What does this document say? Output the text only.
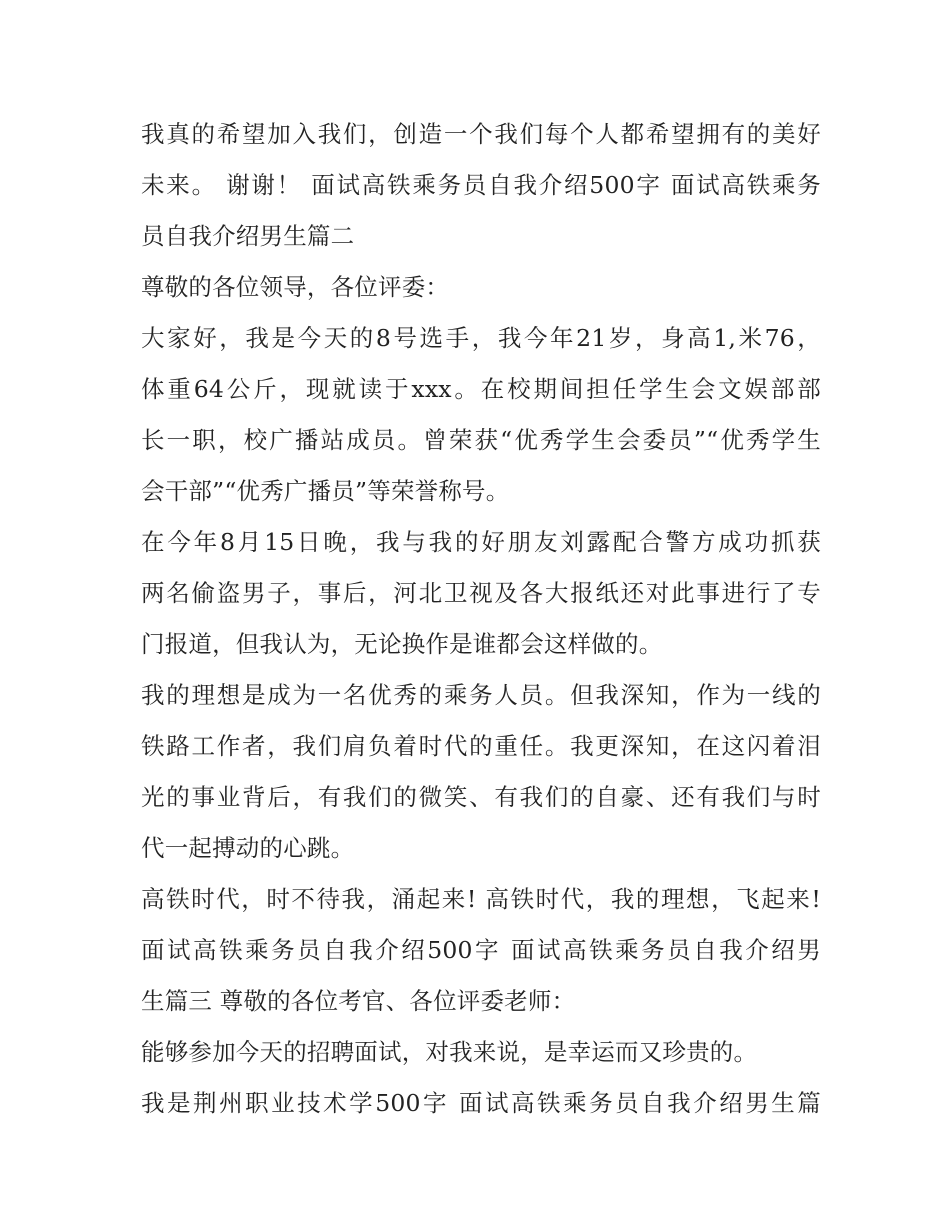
我真的希望加入我们，创造一个我们每个人都希望拥有的美好
未来。 谢谢！ 面试高铁乘务员自我介绍500字 面试高铁乘务
员自我介绍男生篇二
尊敬的各位领导，各位评委：
大家好，我是今天的8号选手，我今年21岁，身高1,米76，
体重64公斤，现就读于xxx。在校期间担任学生会文娱部部
长一职，校广播站成员。曾荣获“优秀学生会委员”“优秀学生
会干部”“优秀广播员”等荣誉称号。
在今年8月15日晚，我与我的好朋友刘露配合警方成功抓获
两名偷盗男子，事后，河北卫视及各大报纸还对此事进行了专
门报道，但我认为，无论换作是谁都会这样做的。
我的理想是成为一名优秀的乘务人员。但我深知，作为一线的
铁路工作者，我们肩负着时代的重任。我更深知，在这闪着泪
光的事业背后，有我们的微笑、有我们的自豪、还有我们与时
代一起搏动的心跳。
高铁时代，时不待我，涌起来! 高铁时代，我的理想，飞起来!
面试高铁乘务员自我介绍500字 面试高铁乘务员自我介绍男
生篇三 尊敬的各位考官、各位评委老师：
能够参加今天的招聘面试，对我来说，是幸运而又珍贵的。
我是荆州职业技术学500字 面试高铁乘务员自我介绍男生篇
